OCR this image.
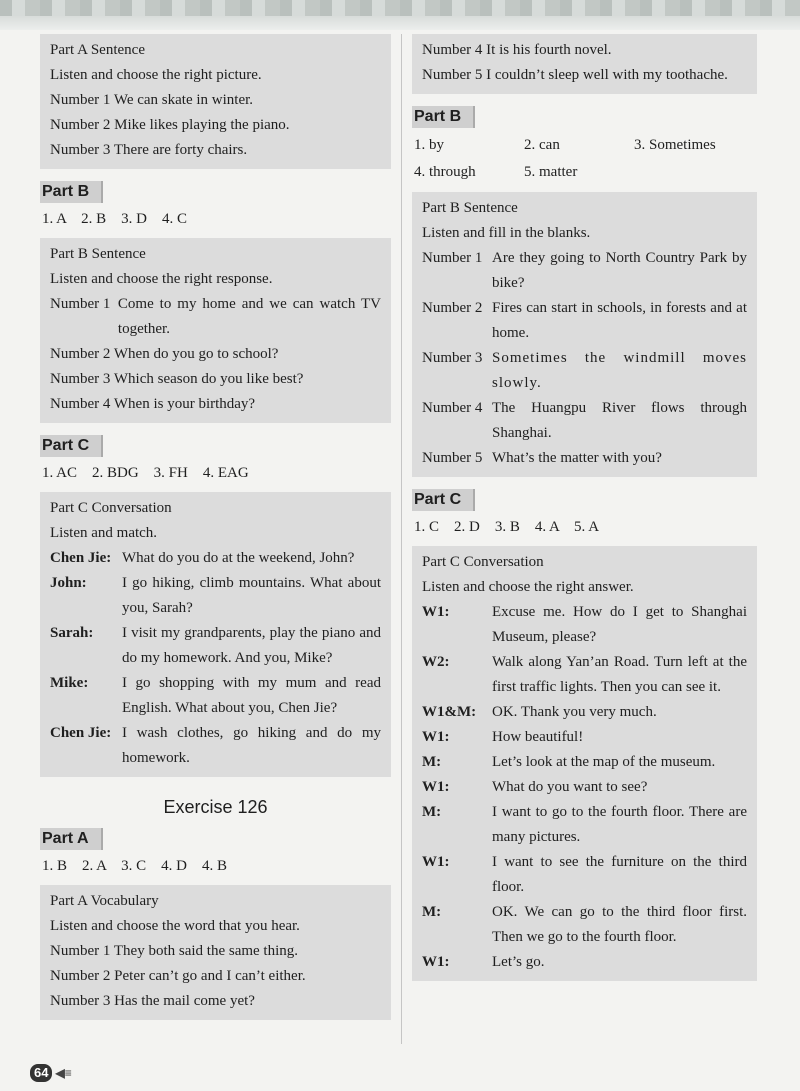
Part A Sentence
Listen and choose the right picture.
Number 1 We can skate in winter.
Number 2 Mike likes playing the piano.
Number 3 There are forty chairs.
Part B
1. A    2. B    3. D    4. C
Part B Sentence
Listen and choose the right response.
Number 1 Come to my home and we can watch TV together.
Number 2 When do you go to school?
Number 3 Which season do you like best?
Number 4 When is your birthday?
Part C
1. AC    2. BDG    3. FH    4. EAG
Part C Conversation
Listen and match.
Chen Jie: What do you do at the weekend, John?
John:	I go hiking, climb mountains. What about you, Sarah?
Sarah:	I visit my grandparents, play the piano and do my homework. And you, Mike?
Mike:	I go shopping with my mum and read English. What about you, Chen Jie?
Chen Jie: I wash clothes, go hiking and do my homework.
Exercise 126
Part A
1. B    2. A    3. C    4. D    4. B
Part A Vocabulary
Listen and choose the word that you hear.
Number 1 They both said the same thing.
Number 2 Peter can’t go and I can’t either.
Number 3 Has the mail come yet?
Number 4 It is his fourth novel.
Number 5 I couldn’t sleep well with my toothache.
Part B
1. by	2. can	3. Sometimes
4. through	5. matter
Part B Sentence
Listen and fill in the blanks.
Number 1 Are they going to North Country Park by bike?
Number 2 Fires can start in schools, in forests and at home.
Number 3 Sometimes the windmill moves slowly.
Number 4 The Huangpu River flows through Shanghai.
Number 5 What’s the matter with you?
Part C
1. C    2. D    3. B    4. A    5. A
Part C Conversation
Listen and choose the right answer.
W1:	Excuse me. How do I get to Shanghai Museum, please?
W2:	Walk along Yan’an Road. Turn left at the first traffic lights. Then you can see it.
W1&M:	OK. Thank you very much.
W1:	How beautiful!
M:	Let’s look at the map of the museum.
W1:	What do you want to see?
M:	I want to go to the fourth floor. There are many pictures.
W1:	I want to see the furniture on the third floor.
M:	OK. We can go to the third floor first. Then we go to the fourth floor.
W1:	Let’s go.
64 ◀≡
